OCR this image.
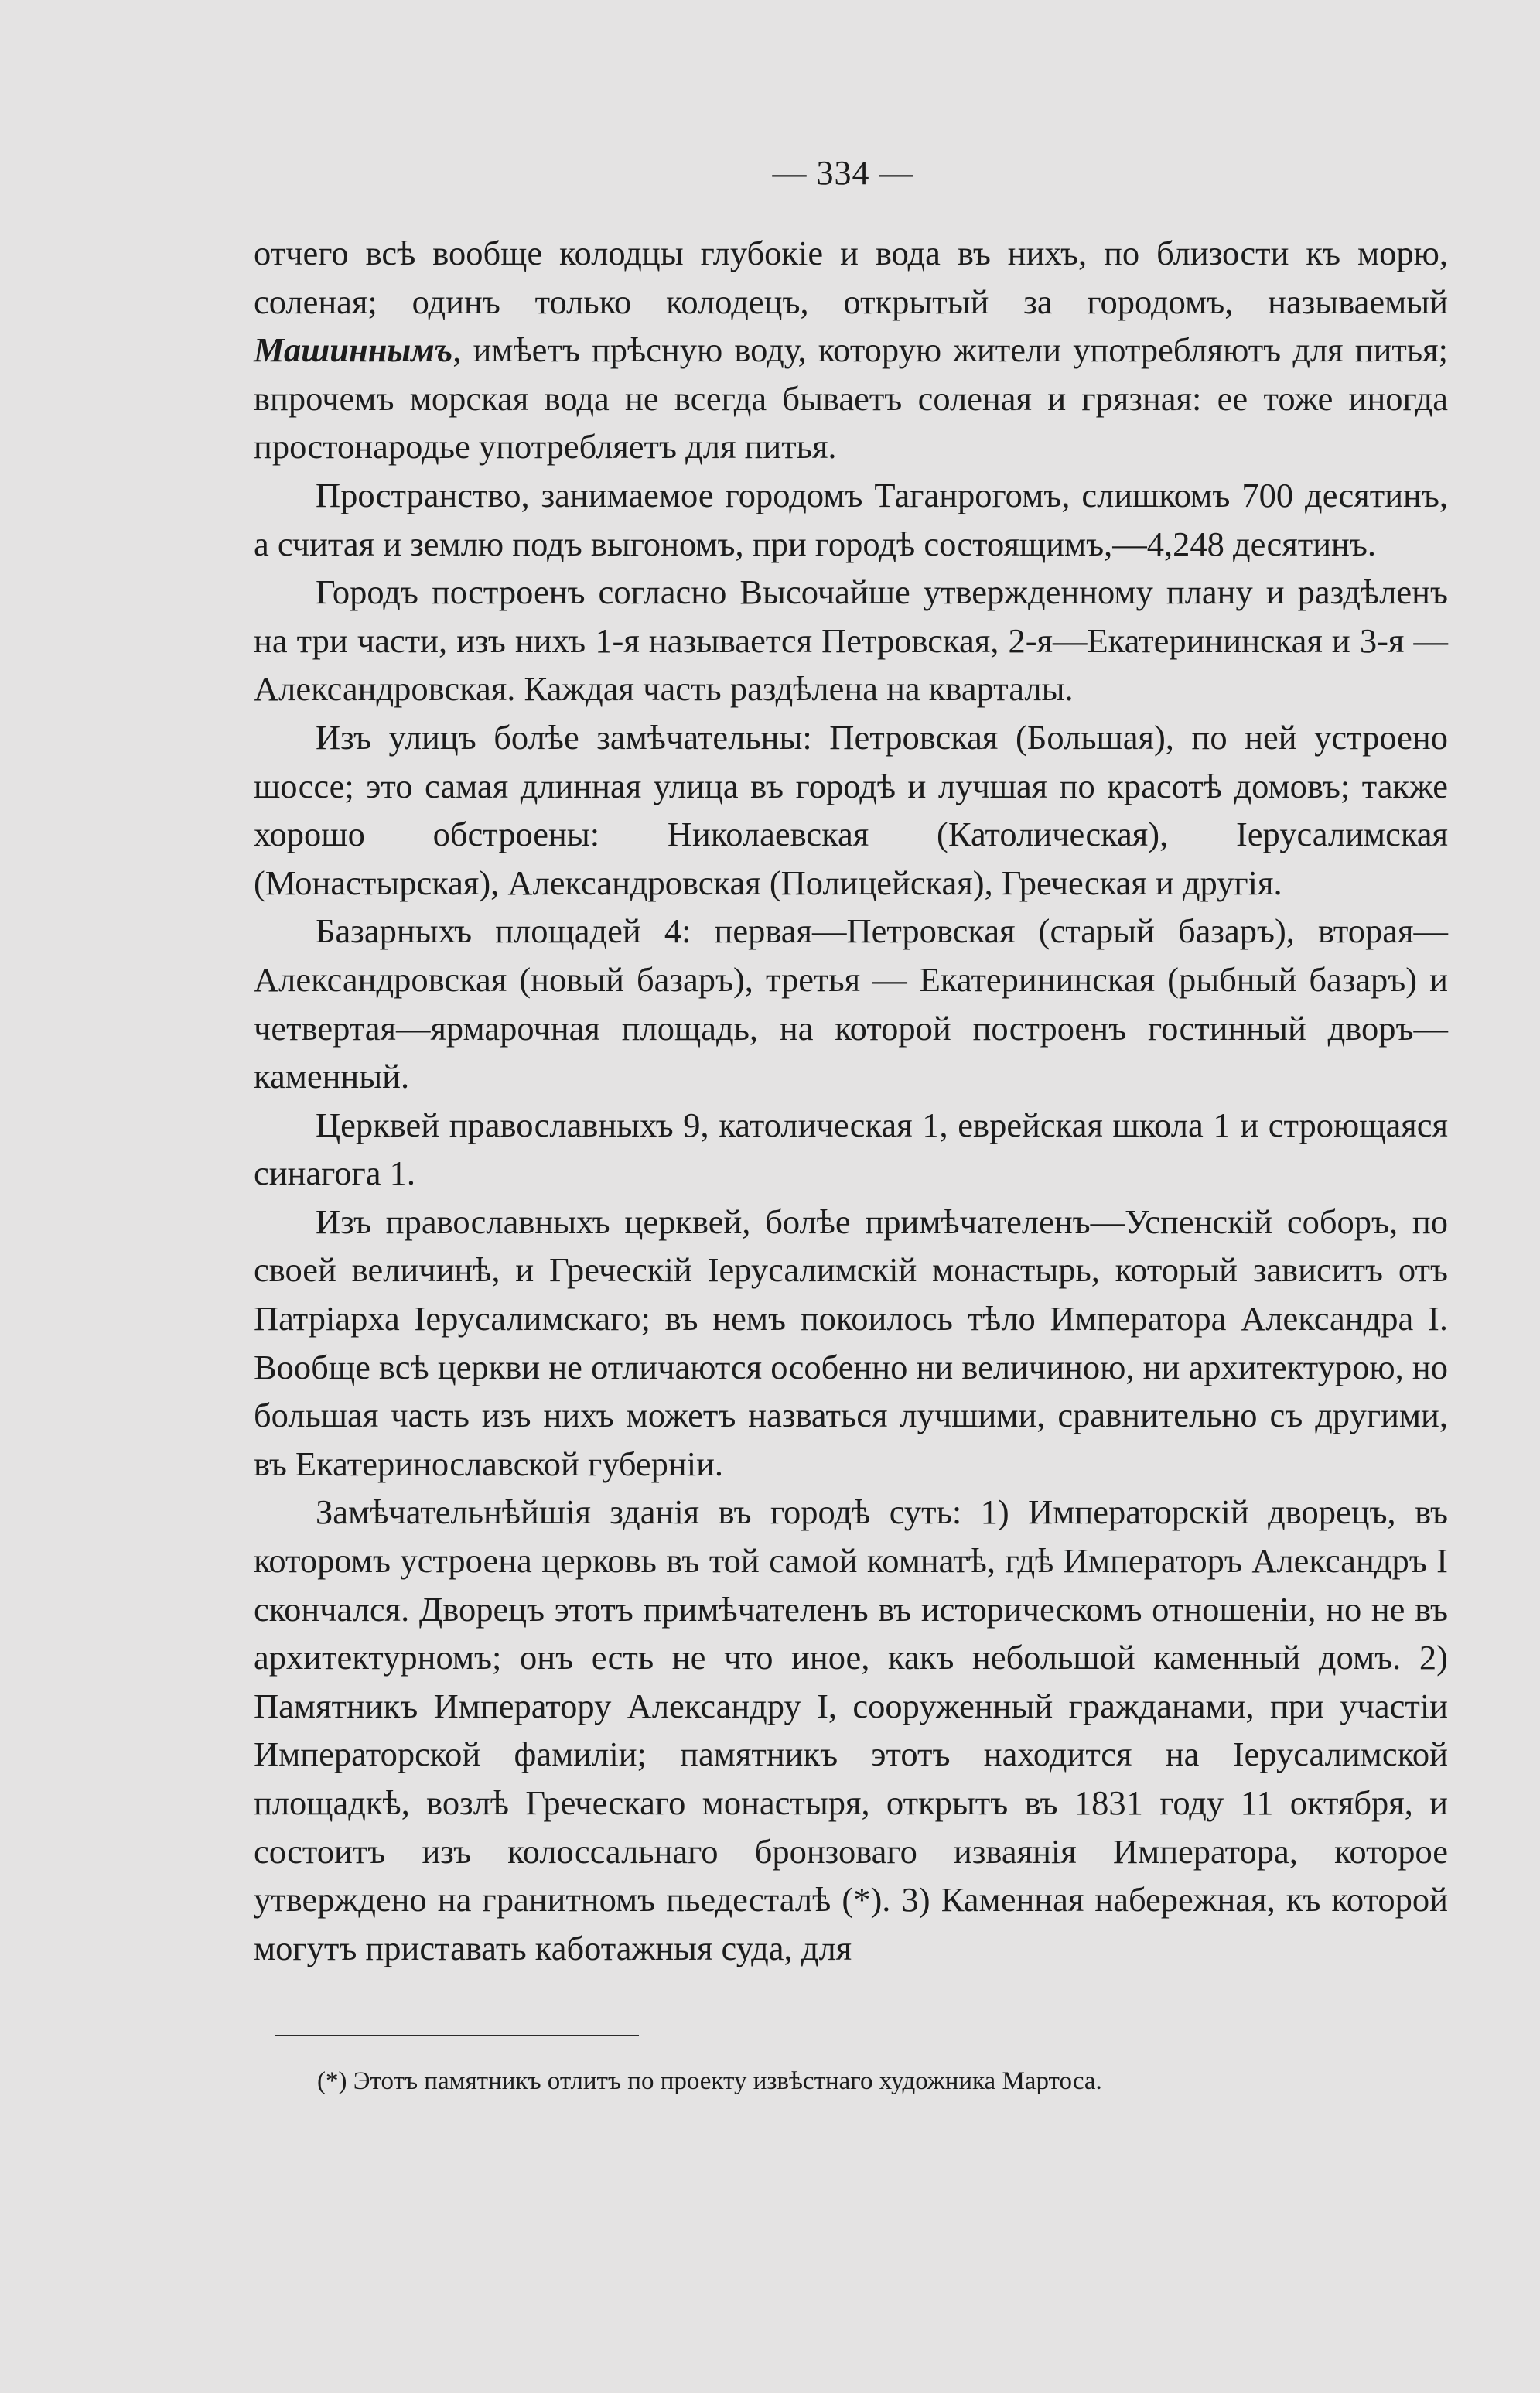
— 334 —

отчего всѣ вообще колодцы глубокіе и вода въ нихъ, по близости къ морю, соленая; одинъ только колодецъ, открытый за городомъ, называемый Машиннымъ, имѣетъ прѣсную воду, которую жители употребляютъ для питья; впрочемъ морская вода не всегда бываетъ соленая и грязная: ее тоже иногда простонародье употребляетъ для питья.

Пространство, занимаемое городомъ Таганрогомъ, слишкомъ 700 десятинъ, а считая и землю подъ выгономъ, при городѣ состоящимъ,—4,248 десятинъ.

Городъ построенъ согласно Высочайше утвержденному плану и раздѣленъ на три части, изъ нихъ 1-я называется Петровская, 2-я—Екатерининская и 3-я — Александровская. Каждая часть раздѣлена на кварталы.

Изъ улицъ болѣе замѣчательны: Петровская (Большая), по ней устроено шоссе; это самая длинная улица въ городѣ и лучшая по красотѣ домовъ; также хорошо обстроены: Николаевская (Католическая), Іерусалимская (Монастырская), Александровская (Полицейская), Греческая и другія.

Базарныхъ площадей 4: первая—Петровская (старый базаръ), вторая—Александровская (новый базаръ), третья — Екатерининская (рыбный базаръ) и четвертая—ярмарочная площадь, на которой построенъ гостинный дворъ—каменный.

Церквей православныхъ 9, католическая 1, еврейская школа 1 и строющаяся синагога 1.

Изъ православныхъ церквей, болѣе примѣчателенъ—Успенскій соборъ, по своей величинѣ, и Греческій Іерусалимскій монастырь, который зависитъ отъ Патріарха Іерусалимскаго; въ немъ покоилось тѣло Императора Александра I. Вообще всѣ церкви не отличаются особенно ни величиною, ни архитектурою, но большая часть изъ нихъ можетъ назваться лучшими, сравнительно съ другими, въ Екатеринославской губерніи.

Замѣчательнѣйшія зданія въ городѣ суть: 1) Императорскій дворецъ, въ которомъ устроена церковь въ той самой комнатѣ, гдѣ Императоръ Александръ I скончался. Дворецъ этотъ примѣчателенъ въ историческомъ отношеніи, но не въ архитектурномъ; онъ есть не что иное, какъ небольшой каменный домъ. 2) Памятникъ Императору Александру I, сооруженный гражданами, при участіи Императорской фамиліи; памятникъ этотъ находится на Іерусалимской площадкѣ, возлѣ Греческаго монастыря, открытъ въ 1831 году 11 октября, и состоитъ изъ колоссальнаго бронзоваго изваянія Императора, которое утверждено на гранитномъ пьедесталѣ (*). 3) Каменная набережная, къ которой могутъ приставать каботажныя суда, для

(*) Этотъ памятникъ отлитъ по проекту извѣстнаго художника Мартоса.
